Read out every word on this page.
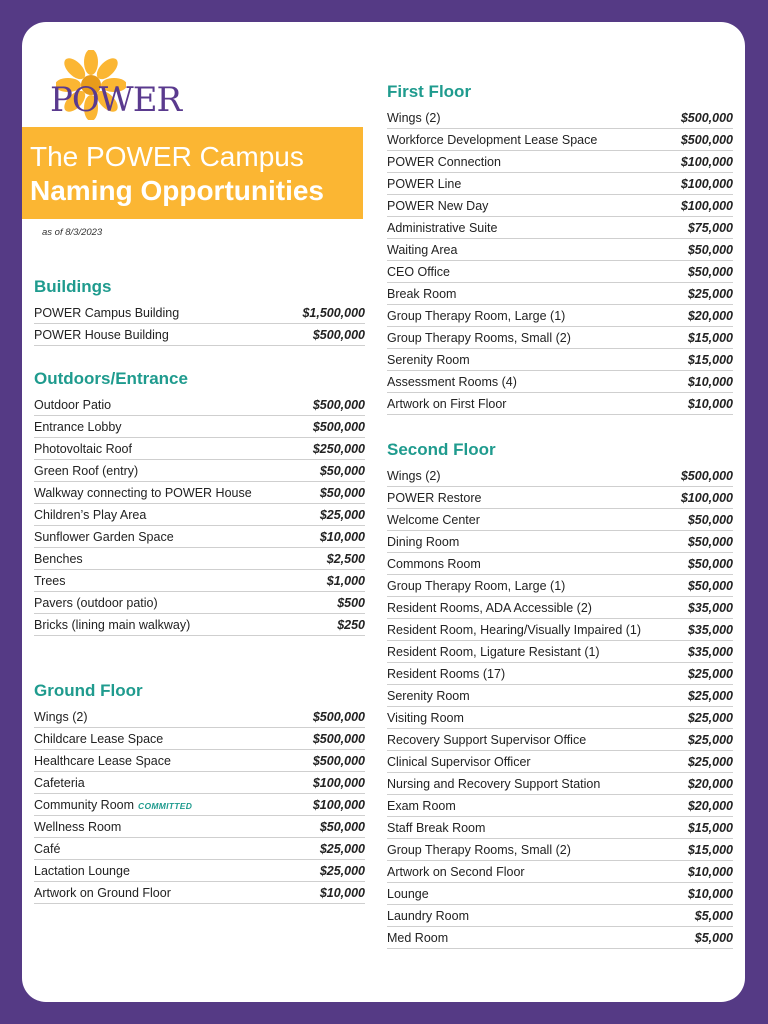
POWER
The POWER Campus
Naming Opportunities
as of 8/3/2023
Buildings
POWER Campus Building	$1,500,000
POWER House Building	$500,000
Outdoors/Entrance
Outdoor Patio	$500,000
Entrance Lobby	$500,000
Photovoltaic Roof	$250,000
Green Roof (entry)	$50,000
Walkway connecting to POWER House	$50,000
Children’s Play Area	$25,000
Sunflower Garden Space	$10,000
Benches	$2,500
Trees	$1,000
Pavers (outdoor patio)	$500
Bricks (lining main walkway)	$250
Ground Floor
Wings (2)	$500,000
Childcare Lease Space	$500,000
Healthcare Lease Space	$500,000
Cafeteria	$100,000
Community Room COMMITTED	$100,000
Wellness Room	$50,000
Café	$25,000
Lactation Lounge	$25,000
Artwork on Ground Floor	$10,000
First Floor
Wings (2)	$500,000
Workforce Development Lease Space	$500,000
POWER Connection	$100,000
POWER Line	$100,000
POWER New Day	$100,000
Administrative Suite	$75,000
Waiting Area	$50,000
CEO Office	$50,000
Break Room	$25,000
Group Therapy Room, Large (1)	$20,000
Group Therapy Rooms, Small (2)	$15,000
Serenity Room	$15,000
Assessment Rooms (4)	$10,000
Artwork on First Floor	$10,000
Second Floor
Wings (2)	$500,000
POWER Restore	$100,000
Welcome Center	$50,000
Dining Room	$50,000
Commons Room	$50,000
Group Therapy Room, Large (1)	$50,000
Resident Rooms, ADA Accessible (2)	$35,000
Resident Room, Hearing/Visually Impaired (1)	$35,000
Resident Room, Ligature Resistant (1)	$35,000
Resident Rooms (17)	$25,000
Serenity Room	$25,000
Visiting Room	$25,000
Recovery Support Supervisor Office	$25,000
Clinical Supervisor Officer	$25,000
Nursing and Recovery Support Station	$20,000
Exam Room	$20,000
Staff Break Room	$15,000
Group Therapy Rooms, Small (2)	$15,000
Artwork on Second Floor	$10,000
Lounge	$10,000
Laundry Room	$5,000
Med Room	$5,000
